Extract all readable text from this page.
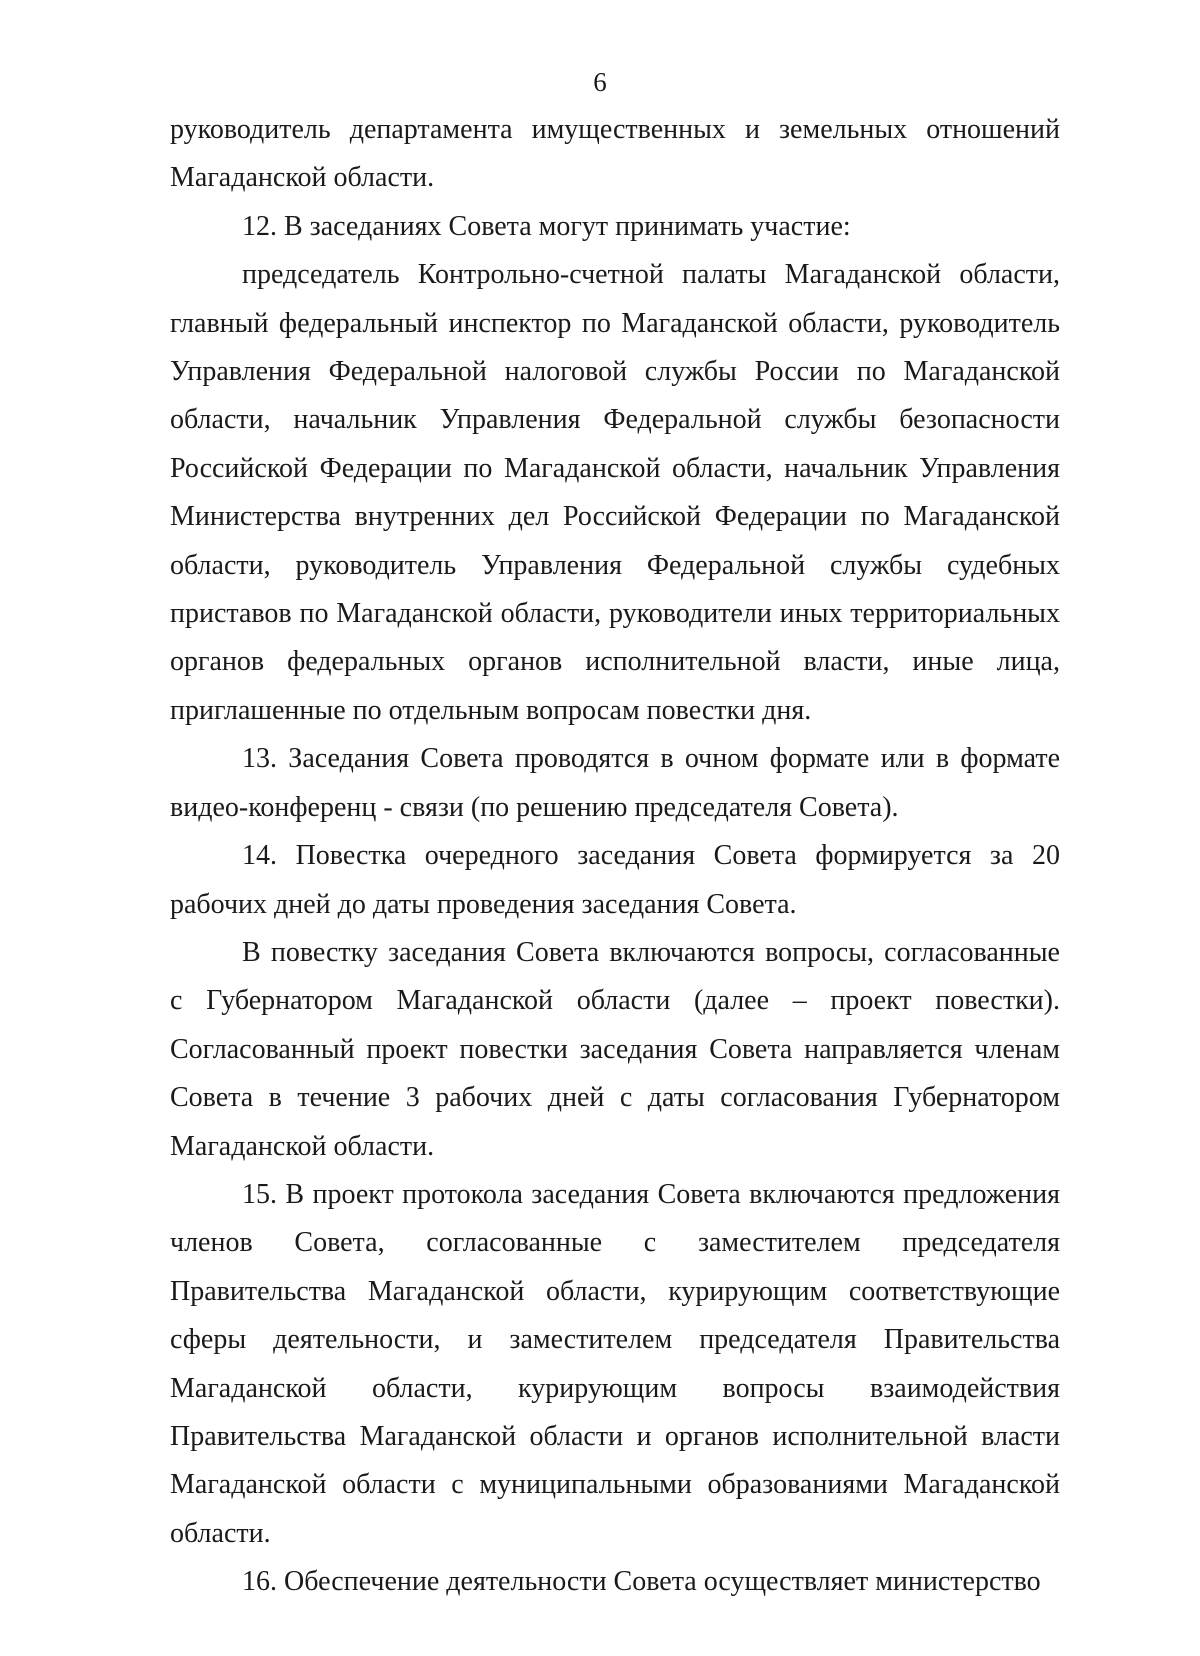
6

руководитель департамента имущественных и земельных отношений Магаданской области.

12. В заседаниях Совета могут принимать участие:

председатель Контрольно-счетной палаты Магаданской области, главный федеральный инспектор по Магаданской области, руководитель Управления Федеральной налоговой службы России по Магаданской области, начальник Управления Федеральной службы безопасности Российской Федерации по Магаданской области, начальник Управления Министерства внутренних дел Российской Федерации по Магаданской области, руководитель Управления Федеральной службы судебных приставов по Магаданской области, руководители иных территориальных органов федеральных органов исполнительной власти, иные лица, приглашенные по отдельным вопросам повестки дня.

13. Заседания Совета проводятся в очном формате или в формате видео-конференц - связи (по решению председателя Совета).

14. Повестка очередного заседания Совета формируется за 20 рабочих дней до даты проведения заседания Совета.

В повестку заседания Совета включаются вопросы, согласованные с Губернатором Магаданской области (далее – проект повестки). Согласованный проект повестки заседания Совета направляется членам Совета в течение 3 рабочих дней с даты согласования Губернатором Магаданской области.

15. В проект протокола заседания Совета включаются предложения членов Совета, согласованные с заместителем председателя Правительства Магаданской области, курирующим соответствующие сферы деятельности, и заместителем председателя Правительства Магаданской области, курирующим вопросы взаимодействия Правительства Магаданской области и органов исполнительной власти Магаданской области с муниципальными образованиями Магаданской области.

16. Обеспечение деятельности Совета осуществляет министерство
